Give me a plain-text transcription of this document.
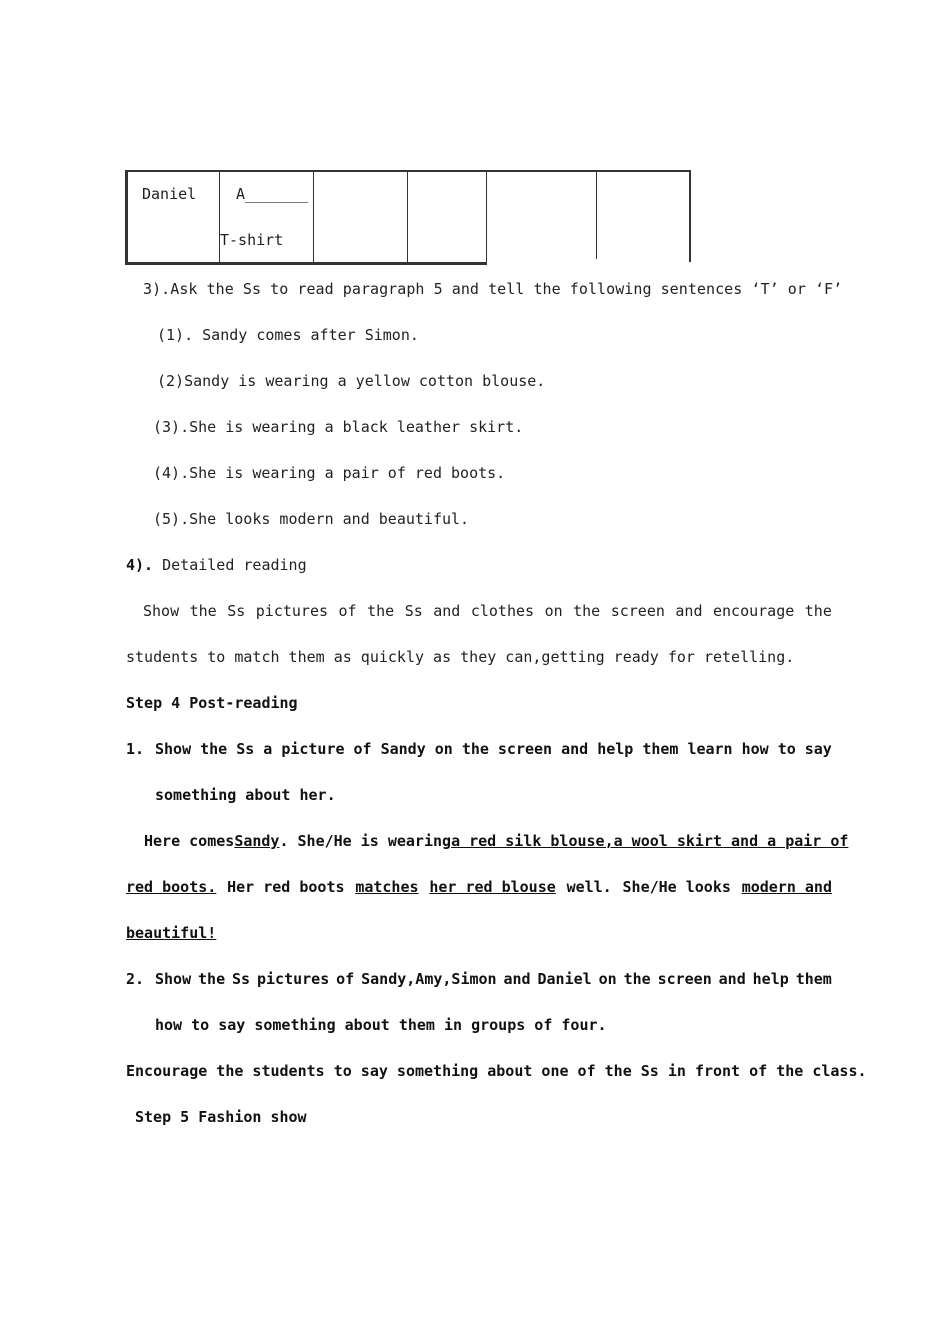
Daniel	A_______
T-shirt
3).Ask the Ss to read paragraph 5 and tell the following sentences ‘T’ or ‘F’
(1). Sandy comes after Simon.
(2)Sandy is wearing a yellow cotton blouse.
(3).She is wearing a black leather skirt.
(4).She is wearing a pair of red boots.
(5).She looks modern and beautiful.
4). Detailed reading
Show the Ss pictures of the Ss and clothes on the screen and encourage the
students to match them as quickly as they can,getting ready for retelling.
Step 4 Post-reading
1. Show the Ss a picture of Sandy on the screen and help them learn how to say
something about her.
Here comes Sandy . She/He is wearing a red silk blouse,a wool skirt and a pair of
red boots. Her red boots matches her red blouse well. She/He looks modern and
beautiful!
2. Show the Ss pictures of Sandy,Amy,Simon and Daniel on the screen and help them
how to say something about them in groups of four.
Encourage the students to say something about one of the Ss in front of the class.
Step 5 Fashion show
